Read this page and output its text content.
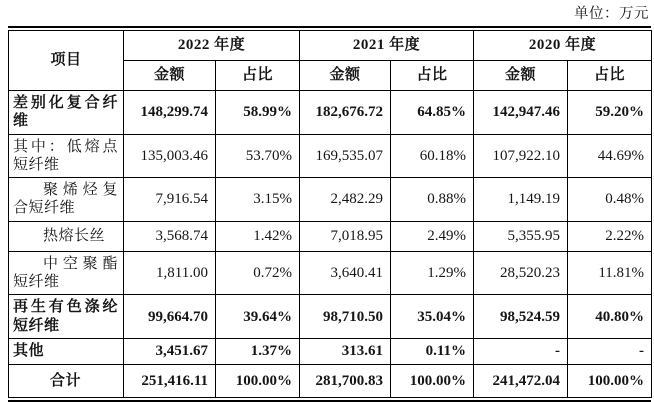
单位：万元
项目	2022 年度		2021 年度		2020 年度	
	金额	占比	金额	占比	金额	占比
差别化复合纤维	148,299.74	58.99%	182,676.72	64.85%	142,947.46	59.20%
其中：低熔点短纤维	135,003.46	53.70%	169,535.07	60.18%	107,922.10	44.69%
聚烯烃复合短纤维	7,916.54	3.15%	2,482.29	0.88%	1,149.19	0.48%
热熔长丝	3,568.74	1.42%	7,018.95	2.49%	5,355.95	2.22%
中空聚酯短纤维	1,811.00	0.72%	3,640.41	1.29%	28,520.23	11.81%
再生有色涤纶短纤维	99,664.70	39.64%	98,710.50	35.04%	98,524.59	40.80%
其他	3,451.67	1.37%	313.61	0.11%	-	-
合计	251,416.11	100.00%	281,700.83	100.00%	241,472.04	100.00%
